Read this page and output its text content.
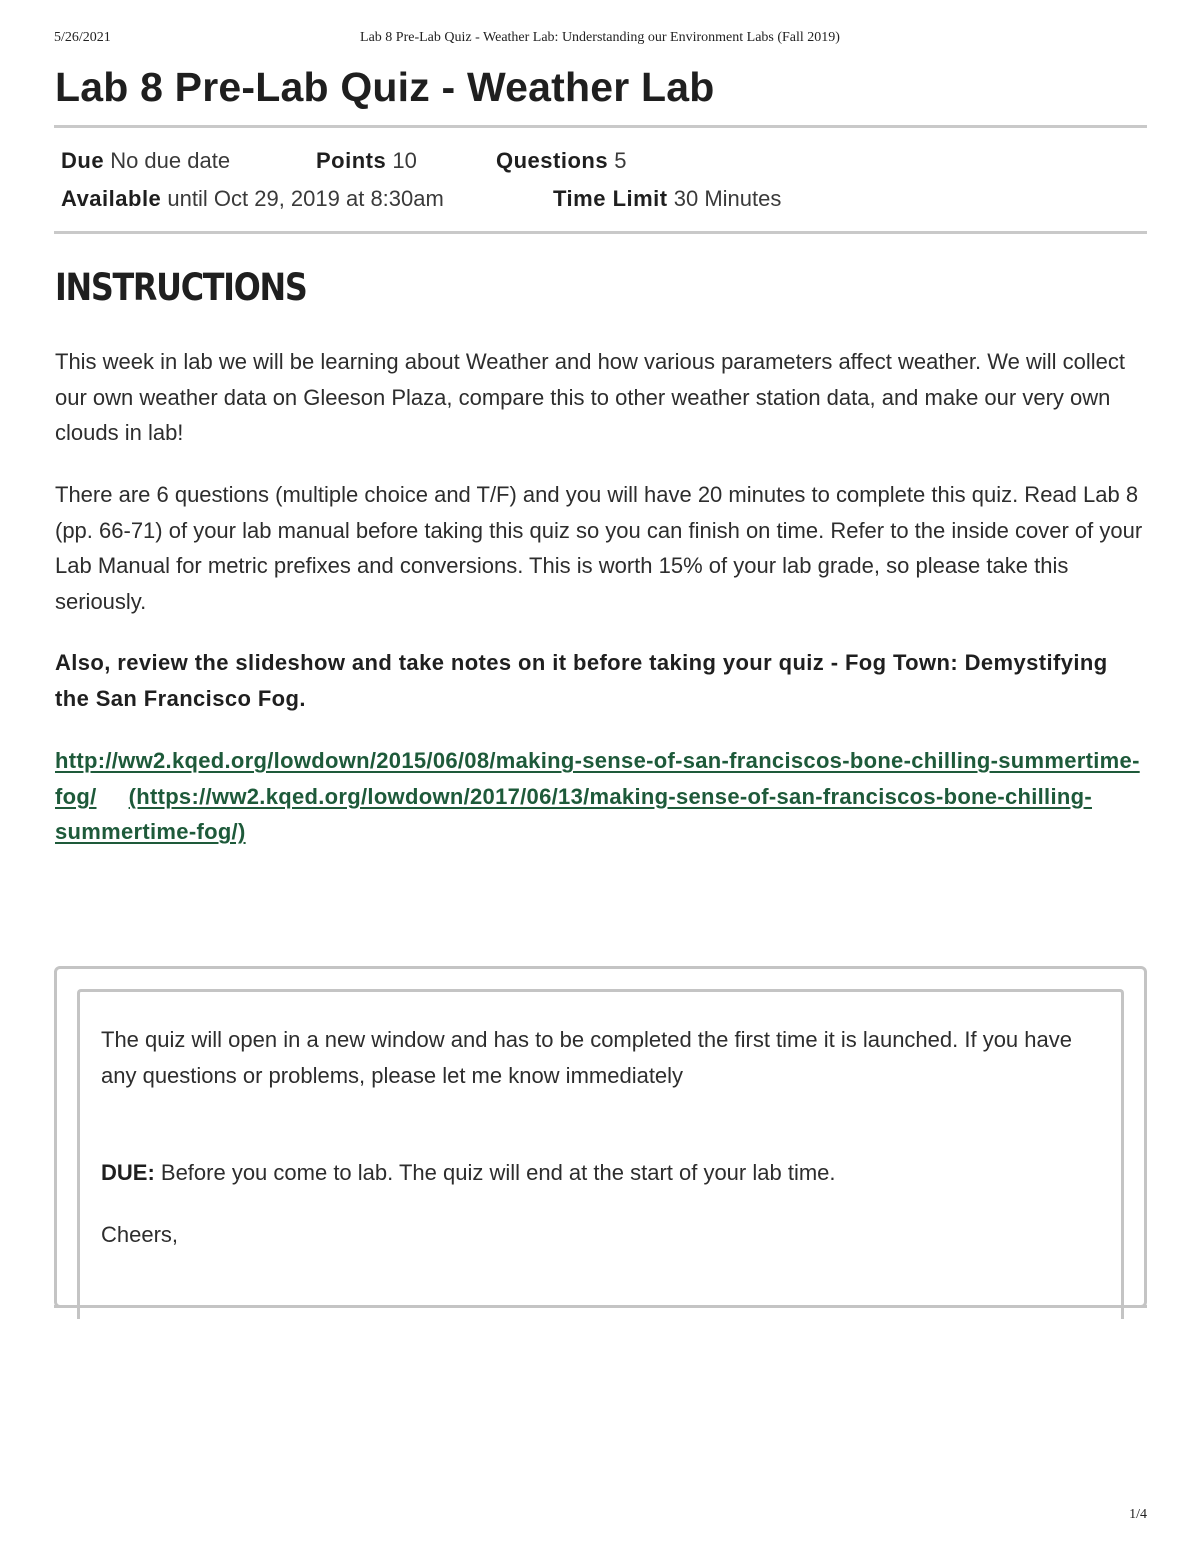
5/26/2021	Lab 8 Pre-Lab Quiz - Weather Lab: Understanding our Environment Labs (Fall 2019)
Lab 8 Pre-Lab Quiz - Weather Lab
Due No due date	Points 10	Questions 5
Available until Oct 29, 2019 at 8:30am	Time Limit 30 Minutes
INSTRUCTIONS

This week in lab we will be learning about Weather and how various parameters affect weather. We will collect our own weather data on Gleeson Plaza, compare this to other weather station data, and make our very own clouds in lab!

There are 6 questions (multiple choice and T/F) and you will have 20 minutes to complete this quiz. Read Lab 8 (pp. 66-71) of your lab manual before taking this quiz so you can finish on time. Refer to the inside cover of your Lab Manual for metric prefixes and conversions. This is worth 15% of your lab grade, so please take this seriously.

Also, review the slideshow and take notes on it before taking your quiz - Fog Town: Demystifying the San Francisco Fog.

http://ww2.kqed.org/lowdown/2015/06/08/making-sense-of-san-franciscos-bone-chilling-summertime-fog/ (https://ww2.kqed.org/lowdown/2017/06/13/making-sense-of-san-franciscos-bone-chilling-summertime-fog/)

The quiz will open in a new window and has to be completed the first time it is launched. If you have any questions or problems, please let me know immediately

DUE: Before you come to lab. The quiz will end at the start of your lab time.

Cheers,

1/4
